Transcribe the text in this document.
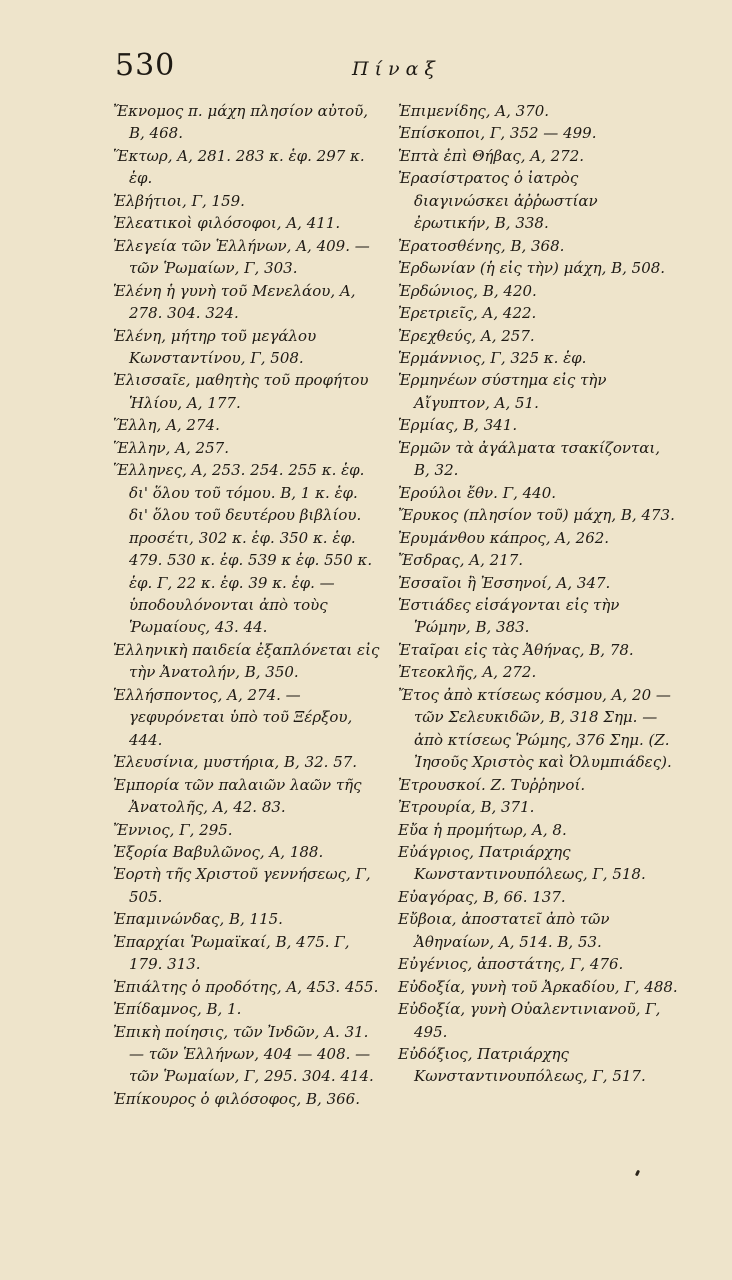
530	Πίναξ
Ἔκνομος π. μάχη πλησίον αὐτοῦ, Β, 468.
Ἕκτωρ, Α, 281. 283 κ. ἑφ. 297 κ. ἑφ.
Ἐλβήτιοι, Γ, 159.
Ἐλεατικοὶ φιλόσοφοι, Α, 411.
Ἐλεγεία τῶν Ἑλλήνων, Α, 409. — τῶν Ῥωμαίων, Γ, 303.
Ἑλένη ἡ γυνὴ τοῦ Μενελάου, Α, 278. 304. 324.
Ἑλένη, μήτηρ τοῦ μεγάλου Κωνσταντίνου, Γ, 508.
Ἐλισσαῖε, μαθητὴς τοῦ προφήτου Ἡλίου, Α, 177.
Ἕλλη, Α, 274.
Ἕλλην, Α, 257.
Ἕλληνες, Α, 253. 254. 255 κ. ἑφ. δι' ὅλου τοῦ τόμου. Β, 1 κ. ἑφ. δι' ὅλου τοῦ δευτέρου βιβλίου. προσέτι, 302 κ. ἑφ. 350 κ. ἑφ. 479. 530 κ. ἑφ. 539 κ ἑφ. 550 κ. ἑφ. Γ, 22 κ. ἑφ. 39 κ. ἑφ. — ὑποδουλόνονται ἀπὸ τοὺς Ῥωμαίους, 43. 44.
Ἑλληνικὴ παιδεία ἐξαπλόνεται εἰς τὴν Ἀνατολήν, Β, 350.
Ἑλλήσποντος, Α, 274. — γεφυρόνεται ὑπὸ τοῦ Ξέρξου, 444.
Ἐλευσίνια, μυστήρια, Β, 32. 57.
Ἐμπορία τῶν παλαιῶν λαῶν τῆς Ἀνατολῆς, Α, 42. 83.
Ἔννιος, Γ, 295.
Ἐξορία Βαβυλῶνος, Α, 188.
Ἑορτὴ τῆς Χριστοῦ γεννήσεως, Γ, 505.
Ἐπαμινώνδας, Β, 115.
Ἐπαρχίαι Ῥωμαϊκαί, Β, 475. Γ, 179. 313.
Ἐπιάλτης ὁ προδότης, Α, 453. 455.
Ἐπίδαμνος, Β, 1.
Ἐπικὴ ποίησις, τῶν Ἰνδῶν, Α. 31. — τῶν Ἑλλήνων, 404 — 408. — τῶν Ῥωμαίων, Γ, 295. 304. 414.
Ἐπίκουρος ὁ φιλόσοφος, Β, 366.
Ἐπιμενίδης, Α, 370.
Ἐπίσκοποι, Γ, 352 — 499.
Ἑπτὰ ἐπὶ Θήβας, Α, 272.
Ἐρασίστρατος ὁ ἰατρὸς διαγινώσκει ἀῤῥωστίαν ἐρωτικήν, Β, 338.
Ἐρατοσθένης, Β, 368.
Ἐρδωνίαν (ἡ εἰς τὴν) μάχη, Β, 508.
Ἐρδώνιος, Β, 420.
Ἐρετριεῖς, Α, 422.
Ἐρεχθεύς, Α, 257.
Ἑρμάννιος, Γ, 325 κ. ἑφ.
Ἑρμηνέων σύστημα εἰς τὴν Αἴγυπτον, Α, 51.
Ἑρμίας, Β, 341.
Ἑρμῶν τὰ ἀγάλματα τσακίζονται, Β, 32.
Ἐρούλοι ἔθν. Γ, 440.
Ἔρυκος (πλησίον τοῦ) μάχη, Β, 473.
Ἐρυμάνθου κάπρος, Α, 262.
Ἔσδρας, Α, 217.
Ἐσσαῖοι ἢ Ἐσσηνοί, Α, 347.
Ἑστιάδες εἰσάγονται εἰς τὴν Ῥώμην, Β, 383.
Ἑταῖραι εἰς τὰς Ἀθήνας, Β, 78.
Ἐτεοκλῆς, Α, 272.
Ἔτος ἀπὸ κτίσεως κόσμου, Α, 20 — τῶν Σελευκιδῶν, Β, 318 Σημ. — ἀπὸ κτίσεως Ῥώμης, 376 Σημ. (Ζ. Ἰησοῦς Χριστὸς καὶ Ὀλυμπιάδες).
Ἐτρουσκοί. Ζ. Τυῤῥηνοί.
Ἐτρουρία, Β, 371.
Εὔα ἡ προμήτωρ, Α, 8.
Εὐάγριος, Πατριάρχης Κωνσταντινουπόλεως, Γ, 518.
Εὐαγόρας, Β, 66. 137.
Εὔβοια, ἀποστατεῖ ἀπὸ τῶν Ἀθηναίων, Α, 514. Β, 53.
Εὐγένιος, ἀποστάτης, Γ, 476.
Εὐδοξία, γυνὴ τοῦ Ἀρκαδίου, Γ, 488.
Εὐδοξία, γυνὴ Οὐαλεντινιανοῦ, Γ, 495.
Εὐδόξιος, Πατριάρχης Κωνσταντινουπόλεως, Γ, 517.
